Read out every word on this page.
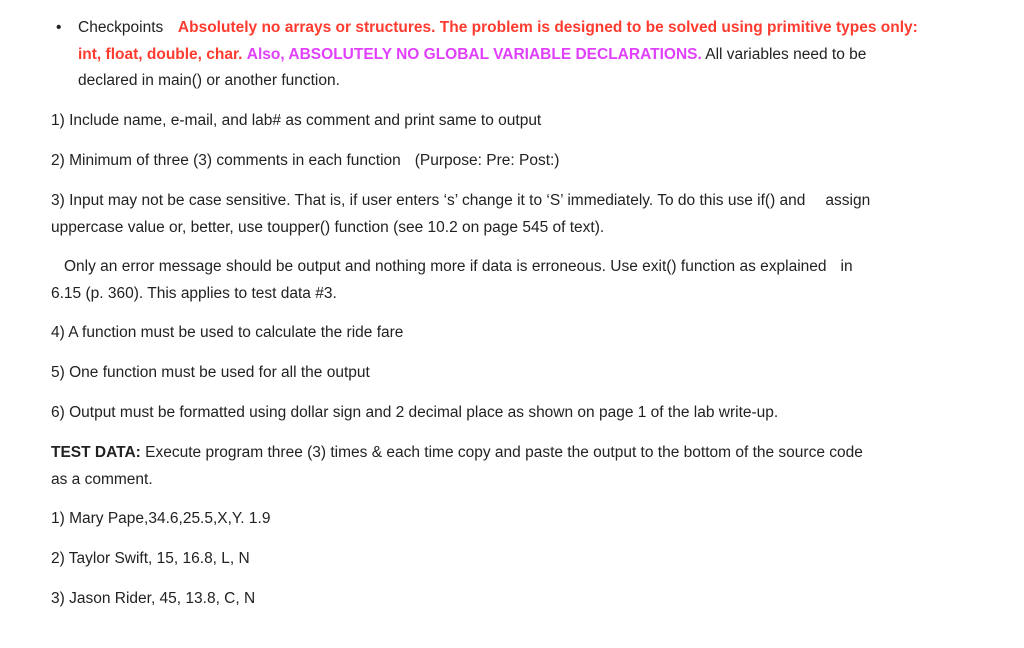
• Checkpoints Absolutely no arrays or structures. The problem is designed to be solved using primitive types only:
int, float, double, char. Also, ABSOLUTELY NO GLOBAL VARIABLE DECLARATIONS. All variables need to be
declared in main() or another function.
1) Include name, e-mail, and lab# as comment and print same to output
2) Minimum of three (3) comments in each function (Purpose: Pre: Post:)
3) Input may not be case sensitive. That is, if user enters ‘s’ change it to ‘S’ immediately. To do this use if() and assign
uppercase value or, better, use toupper() function (see 10.2 on page 545 of text).
Only an error message should be output and nothing more if data is erroneous. Use exit() function as explained in
6.15 (p. 360). This applies to test data #3.
4) A function must be used to calculate the ride fare
5) One function must be used for all the output
6) Output must be formatted using dollar sign and 2 decimal place as shown on page 1 of the lab write-up.
TEST DATA: Execute program three (3) times & each time copy and paste the output to the bottom of the source code
as a comment.
1) Mary Pape,34.6,25.5,X,Y. 1.9
2) Taylor Swift, 15, 16.8, L, N
3) Jason Rider, 45, 13.8, C, N
